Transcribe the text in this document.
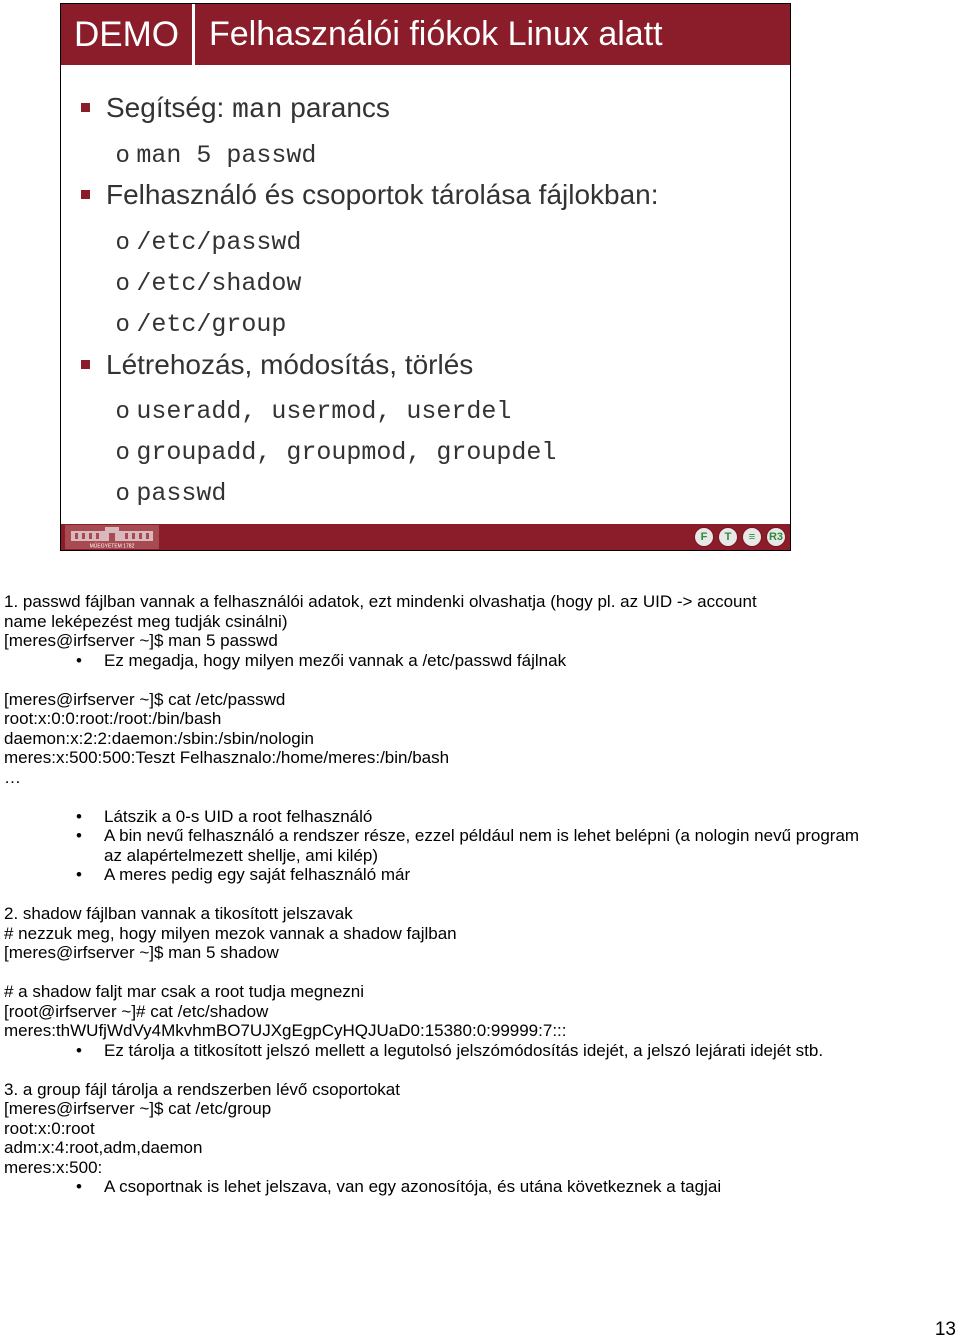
DEMO Felhasználói fiókok Linux alatt
Segítség: man parancs
o man 5 passwd
Felhasználó és csoportok tárolása fájlokban:
o /etc/passwd
o /etc/shadow
o /etc/group
Létrehozás, módosítás, törlés
o useradd, usermod, userdel
o groupadd, groupmod, groupdel
o passwd
MŰEGYETEM 1782
F T ≡ R3
1. passwd fájlban vannak a felhasználói adatok, ezt mindenki olvashatja (hogy pl. az UID -> account
name leképezést meg tudják csinálni)
[meres@irfserver ~]$ man 5 passwd
• Ez megadja, hogy milyen mezői vannak a /etc/passwd fájlnak
[meres@irfserver ~]$ cat /etc/passwd
root:x:0:0:root:/root:/bin/bash
daemon:x:2:2:daemon:/sbin:/sbin/nologin
meres:x:500:500:Teszt Felhasznalo:/home/meres:/bin/bash
…
• Látszik a 0-s UID a root felhasználó
• A bin nevű felhasználó a rendszer része, ezzel például nem is lehet belépni (a nologin nevű program az alapértelmezett shellje, ami kilép)
• A meres pedig egy saját felhasználó már
2. shadow fájlban vannak a tikosított jelszavak
# nezzuk meg, hogy milyen mezok vannak a shadow fajlban
[meres@irfserver ~]$ man 5 shadow
# a shadow faljt mar csak a root tudja megnezni
[root@irfserver ~]# cat /etc/shadow
meres:thWUfjWdVy4MkvhmBO7UJXgEgpCyHQJUaD0:15380:0:99999:7:::
• Ez tárolja a titkosított jelszó mellett a legutolsó jelszómódosítás idejét, a jelszó lejárati idejét stb.
3. a group fájl tárolja a rendszerben lévő csoportokat
[meres@irfserver ~]$ cat /etc/group
root:x:0:root
adm:x:4:root,adm,daemon
meres:x:500:
• A csoportnak is lehet jelszava, van egy azonosítója, és utána következnek a tagjai
13
